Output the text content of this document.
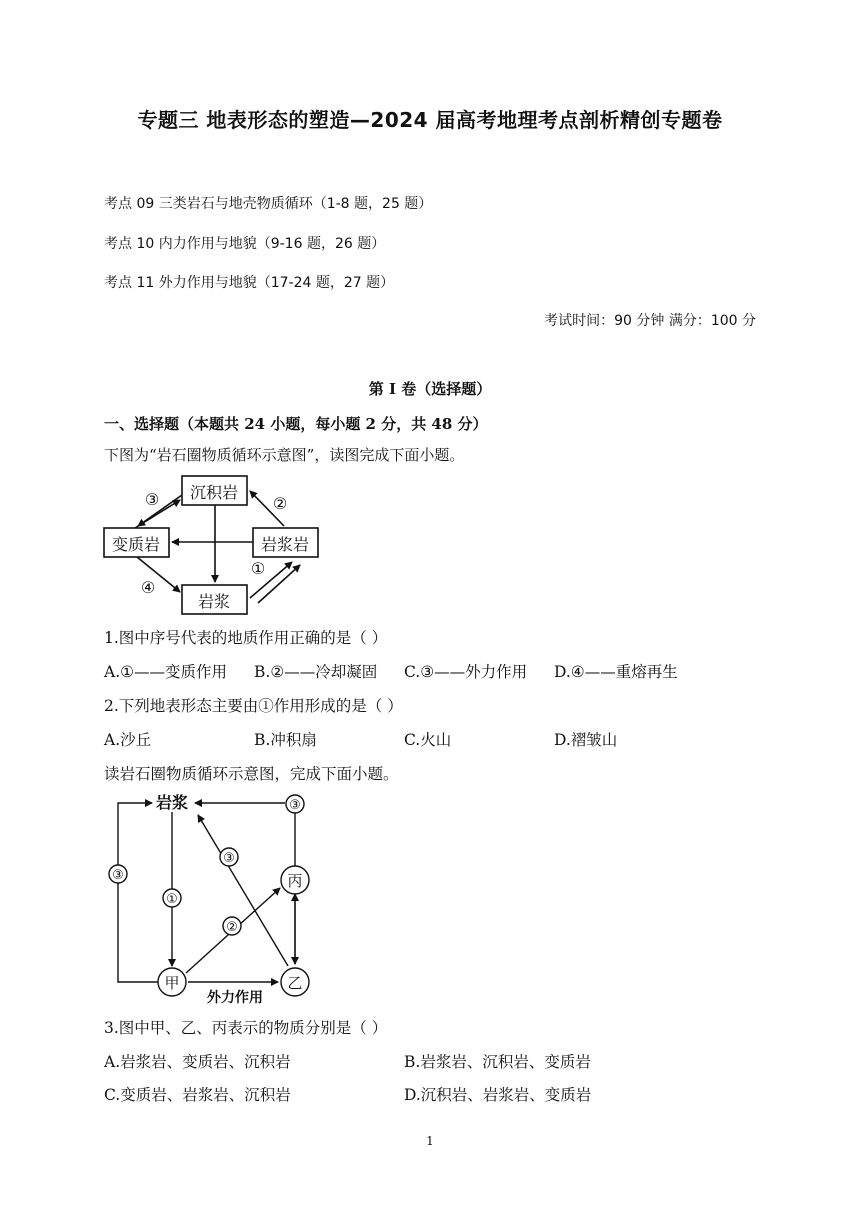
专题三 地表形态的塑造—2024 届高考地理考点剖析精创专题卷
考点 09 三类岩石与地壳物质循环（1-8 题，25 题）
考点 10 内力作用与地貌（9-16 题，26 题）
考点 11 外力作用与地貌（17-24 题，27 题）
考试时间：90 分钟 满分：100 分
第 I 卷（选择题）
一、选择题（本题共 24 小题，每小题 2 分，共 48 分）
下图为“岩石圈物质循环示意图”，读图完成下面小题。
沉积岩
变质岩	岩浆岩
岩浆
③	②
①
④
1.图中序号代表的地质作用正确的是（ ）
A.①——变质作用 B.②——冷却凝固 C.③——外力作用 D.④——重熔再生
2.下列地表形态主要由①作用形成的是（ ）
A.沙丘	B.冲积扇	C.火山	D.褶皱山
读岩石圈物质循环示意图，完成下面小题。
岩浆
甲	乙
丙
外力作用
③
③
①
②
③
3.图中甲、乙、丙表示的物质分别是（ ）
A.岩浆岩、变质岩、沉积岩	B.岩浆岩、沉积岩、变质岩
C.变质岩、岩浆岩、沉积岩	D.沉积岩、岩浆岩、变质岩
1
